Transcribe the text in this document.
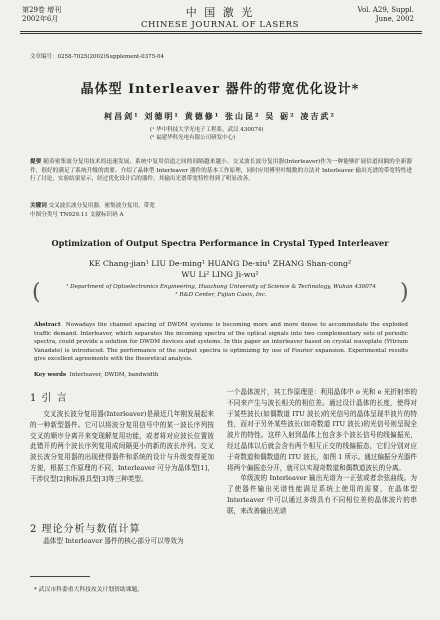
第29卷 增刊
2002年6月	中 国 激 光
CHINESE JOURNAL OF LASERS
Vol. A29, Suppl.
June, 2002
文章编号：0258-7025(2002)Supplement-0375-04
晶体型 Interleaver 器件的带宽优化设计*
柯昌剑¹ 刘德明¹ 黄德修¹ 张山昆² 吴 砺² 凌吉武²
(¹ 华中科技大学光电子工程系，武汉 430074)
(² 福建华科光电有限公司研发中心)
提要 随着密集波分复用技术的迅速发展，系统中复用信道之间的间隔越来越小。交叉波长波分复用器(Interleaver)作为一种能够扩展信道间隔的全新器件，很好的满足了系统升级的需要。介绍了晶体型 Interleaver 器件的基本工作原理，同时应用傅里叶级数的方法对 Interleaver 输出光谱的带宽特性进行了讨论，实验结果显示，经过优化设计后的器件，其输出光谱带宽特性得到了明显改善。
关键词 交叉波长波分复用器，密集波分复用，带宽
中图分类号 TN929.11 文献标识码 A
Optimization of Output Spectra Performance in Crystal Typed Interleaver
KE Chang-jian¹ LIU De-ming¹ HUANG De-xiu¹ ZHANG Shan-cong²
WU Li² LING Ji-wu²
(	)
¹ Department of Optoelectronics Engineering, Huazhong University of Science & Technology, Wuhan 430074
² R&D Center, Fujian Casix, Inc.
Abstract Nowadays the channel spacing of DWDM systems is becoming more and more dense to accommodate the exploded traffic demand. Interleaver, which separates the incoming spectra of the optical signals into two complementary sets of periodic spectra, could provide a solution for DWDM devices and systems. In this paper an interleaver based on crystal waveplate (Yttrium Vanadate) is introduced. The performance of the output spectra is optimizing by use of Fourier expansion. Experimental results give excellent agreements with the theoretical analysis.
Key words Interleaver, DWDM, bandwidth
1 引 言
交叉波长波分复用器(Interleaver)是最近几年刚发展起来的一种新型器件。它可以将波分复用信号中的某一波长序列按交叉的顺序分离开来变现解复用功能，或者将对应波长位置彼此错开的两个波长序列复用成间隔更小的新的波长序列。交叉波长波分复用器的出现使得器件和系统的设计与升级变得更加方便，根据工作原理的不同，Interleaver 可分为晶体型[1]，干涉仪型[2]和标准具型[3]等三种类型。
2 理论分析与数值计算
晶体型 Interleaver 器件的核心部分可以等效为
一个晶体波片，其工作原理是：利用晶体中 o 光和 e 光折射率的不同来产生与波长相关的相位差。通过设计晶体的长度，使得对于某些波长(如偶数道 ITU 波长)的光信号的晶体呈现半波片的特性，而对于另外某些波长(如奇数道 ITU 波长)的光信号则呈现全波片的特性。这样入射到晶体上包含多个波长信号的线偏振光，经过晶体以后就会含有两个相互正交的线偏振态，它们分别对应于奇数道和偶数道的 ITU 波长，如图 1 所示。通过偏振分光器件将两个偏振态分开，就可以实现奇数道和偶数道波长的分离。
单级波的 Interleaver 输出光谱为一正弦或者余弦曲线。为了使器件输出光谱性能满足系统上使用的需要，在晶体型 Interleaver 中可以通过多级具有不同相位差的晶体波片的串联，来改善输出光谱
* 武汉市科委重大科技攻关计划资助课题。
